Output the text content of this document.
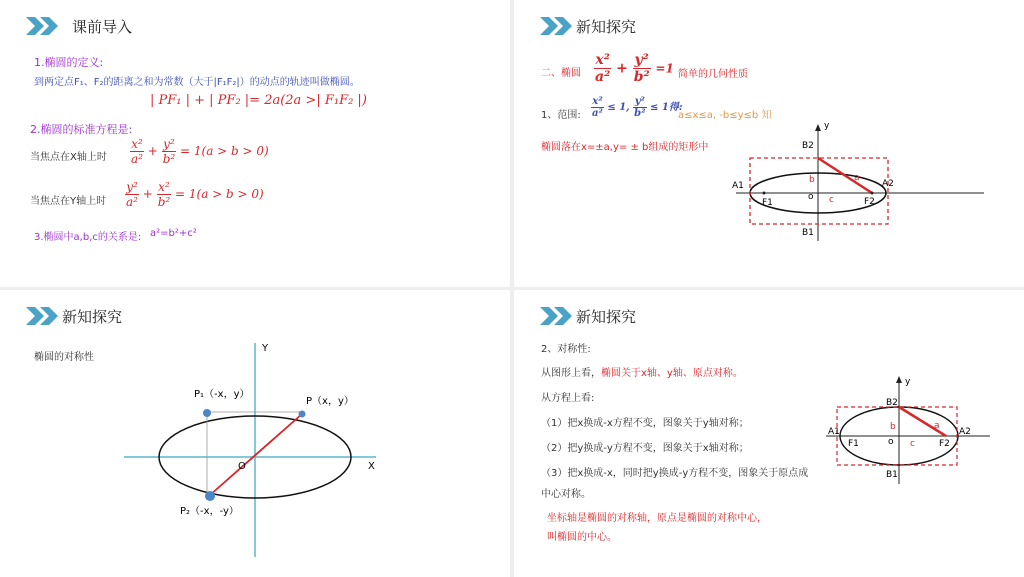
课前导入
1.椭圆的定义:
到两定点F₁、F₂的距离之和为常数（大于|F₁F₂|）的动点的轨迹叫做椭圆。
| PF₁ | + | PF₂ |= 2a(2a >| F₁F₂ |)
2.椭圆的标准方程是:
当焦点在X轴上时 $\frac{\text{x²}}{\text{a²}} + \frac{\text{y²}}{\text{b²}} = 1(a > b > 0)$
当焦点在Y轴上时 $\frac{\text{y²}}{\text{a²}} + \frac{\text{x²}}{\text{b²}} = 1(a > b > 0)$
3.椭圆中a,b,c的关系是: a²=b²+c²
新知探究
二、椭圆 $\frac{\text{x²}}{\text{a²}} + \frac{\text{y²}}{\text{b²}} =1$ 简单的几何性质
1、范围: $\frac{\text{x²}}{\text{a²}} \le 1$, $\frac{\text{y²}}{\text{b²}} \le 1$得:
a≤x≤a, -b≤y≤b 知
椭圆落在x=±a,y= ± b组成的矩形中
y
B2
B1
A1	A2
F1	F2
o
a
b
c
新知探究
椭圆的对称性
Y
X
O
P₁（-x，y）
P（x，y）
P₂（-x，-y）
新知探究
2、对称性:
从图形上看，椭圆关于x轴、y轴、原点对称。
从方程上看:
（1）把x换成-x方程不变，图象关于y轴对称；
（2）把y换成-y方程不变，图象关于x轴对称；
（3）把x换成-x，同时把y换成-y方程不变，图象关于原点成
中心对称。
坐标轴是椭圆的对称轴，原点是椭圆的对称中心，
叫椭圆的中心。
y
B2
B1
A1	A2
F1	F2
o
a
b
c
